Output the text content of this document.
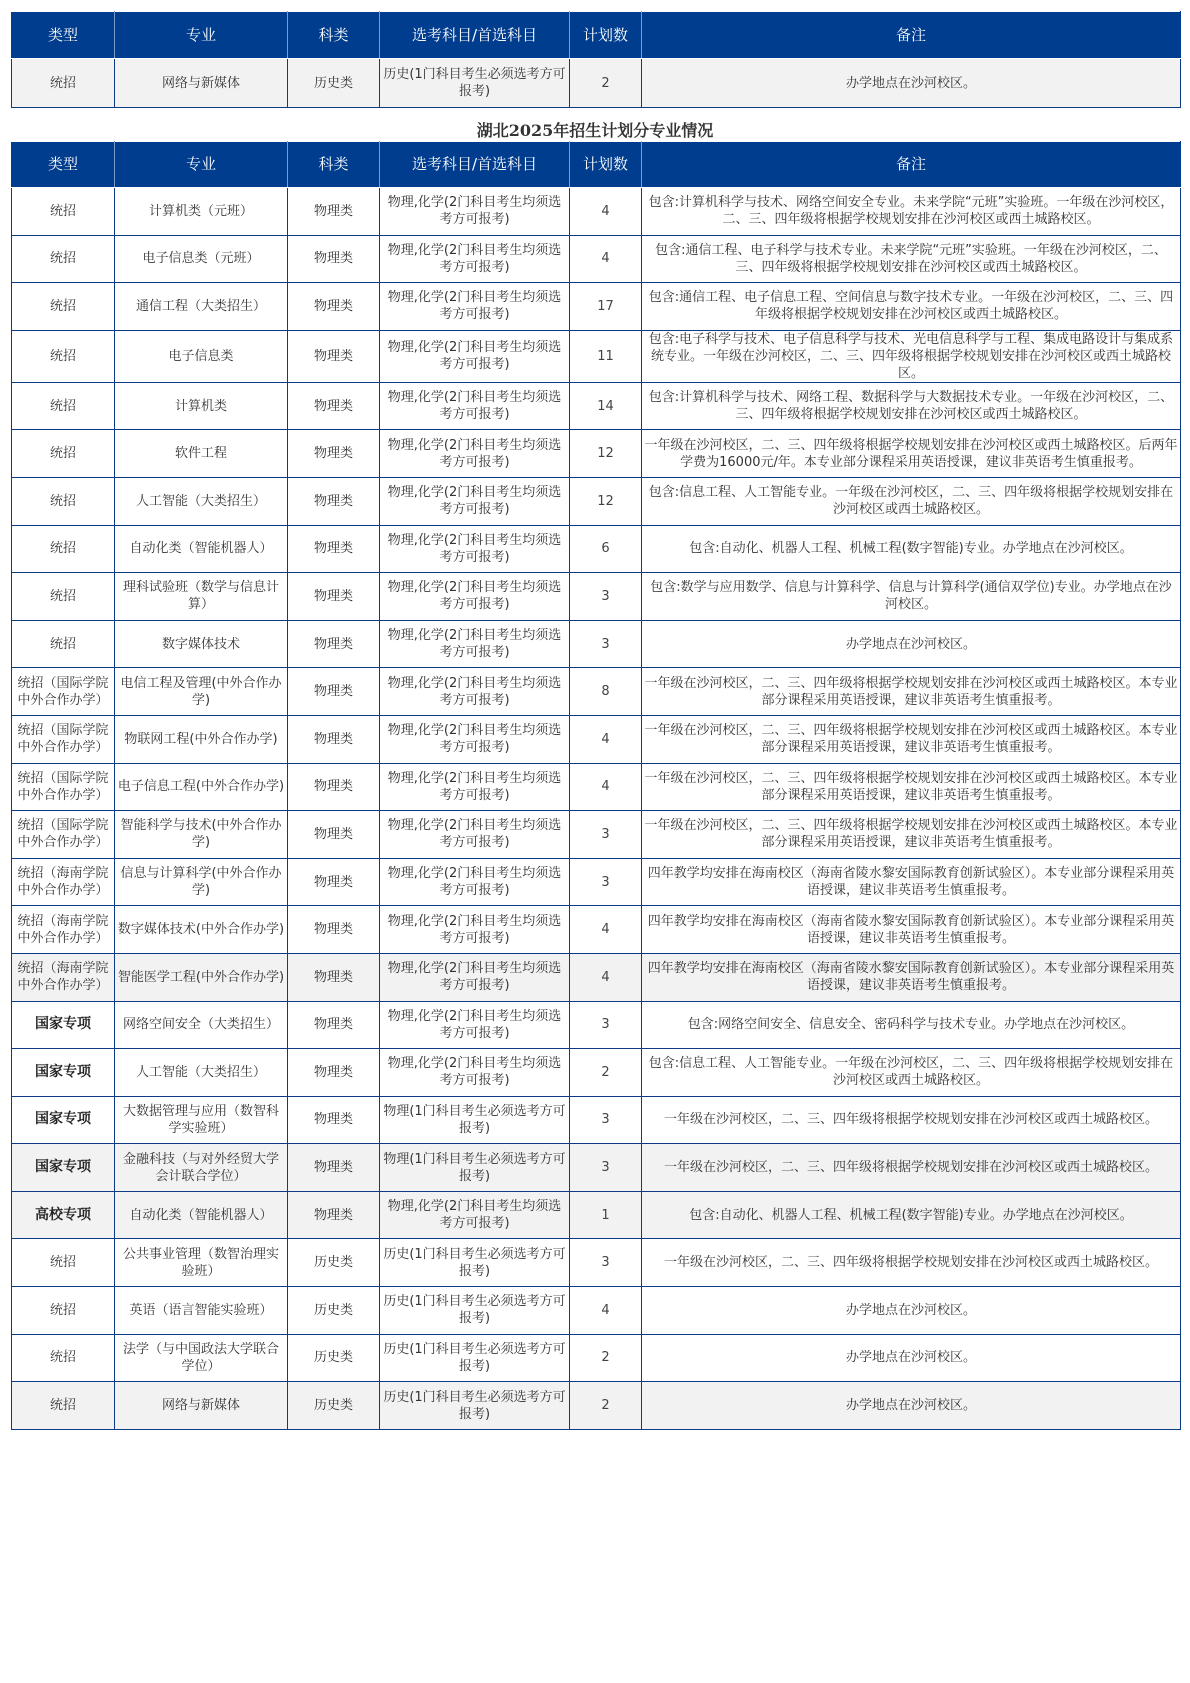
类型	专业	科类	选考科目/首选科目	计划数	备注
统招	网络与新媒体	历史类	历史(1门科目考生必须选考方可报考)	2	办学地点在沙河校区。
湖北2025年招生计划分专业情况
类型	专业	科类	选考科目/首选科目	计划数	备注
统招	计算机类（元班）	物理类	物理,化学(2门科目考生均须选考方可报考)	4	包含:计算机科学与技术、网络空间安全专业。未来学院“元班”实验班。一年级在沙河校区，二、三、四年级将根据学校规划安排在沙河校区或西土城路校区。
统招	电子信息类（元班）	物理类	物理,化学(2门科目考生均须选考方可报考)	4	包含:通信工程、电子科学与技术专业。未来学院“元班”实验班。一年级在沙河校区，二、三、四年级将根据学校规划安排在沙河校区或西土城路校区。
统招	通信工程（大类招生）	物理类	物理,化学(2门科目考生均须选考方可报考)	17	包含:通信工程、电子信息工程、空间信息与数字技术专业。一年级在沙河校区，二、三、四年级将根据学校规划安排在沙河校区或西土城路校区。
统招	电子信息类	物理类	物理,化学(2门科目考生均须选考方可报考)	11	包含:电子科学与技术、电子信息科学与技术、光电信息科学与工程、集成电路设计与集成系统专业。一年级在沙河校区，二、三、四年级将根据学校规划安排在沙河校区或西土城路校区。
统招	计算机类	物理类	物理,化学(2门科目考生均须选考方可报考)	14	包含:计算机科学与技术、网络工程、数据科学与大数据技术专业。一年级在沙河校区，二、三、四年级将根据学校规划安排在沙河校区或西土城路校区。
统招	软件工程	物理类	物理,化学(2门科目考生均须选考方可报考)	12	一年级在沙河校区，二、三、四年级将根据学校规划安排在沙河校区或西土城路校区。后两年学费为16000元/年。本专业部分课程采用英语授课，建议非英语考生慎重报考。
统招	人工智能（大类招生）	物理类	物理,化学(2门科目考生均须选考方可报考)	12	包含:信息工程、人工智能专业。一年级在沙河校区，二、三、四年级将根据学校规划安排在沙河校区或西土城路校区。
统招	自动化类（智能机器人）	物理类	物理,化学(2门科目考生均须选考方可报考)	6	包含:自动化、机器人工程、机械工程(数字智能)专业。办学地点在沙河校区。
统招	理科试验班（数学与信息计算）	物理类	物理,化学(2门科目考生均须选考方可报考)	3	包含:数学与应用数学、信息与计算科学、信息与计算科学(通信双学位)专业。办学地点在沙河校区。
统招	数字媒体技术	物理类	物理,化学(2门科目考生均须选考方可报考)	3	办学地点在沙河校区。
统招（国际学院中外合作办学）	电信工程及管理(中外合作办学)	物理类	物理,化学(2门科目考生均须选考方可报考)	8	一年级在沙河校区，二、三、四年级将根据学校规划安排在沙河校区或西土城路校区。本专业部分课程采用英语授课，建议非英语考生慎重报考。
统招（国际学院中外合作办学）	物联网工程(中外合作办学)	物理类	物理,化学(2门科目考生均须选考方可报考)	4	一年级在沙河校区，二、三、四年级将根据学校规划安排在沙河校区或西土城路校区。本专业部分课程采用英语授课，建议非英语考生慎重报考。
统招（国际学院中外合作办学）	电子信息工程(中外合作办学)	物理类	物理,化学(2门科目考生均须选考方可报考)	4	一年级在沙河校区，二、三、四年级将根据学校规划安排在沙河校区或西土城路校区。本专业部分课程采用英语授课，建议非英语考生慎重报考。
统招（国际学院中外合作办学）	智能科学与技术(中外合作办学)	物理类	物理,化学(2门科目考生均须选考方可报考)	3	一年级在沙河校区，二、三、四年级将根据学校规划安排在沙河校区或西土城路校区。本专业部分课程采用英语授课，建议非英语考生慎重报考。
统招（海南学院中外合作办学）	信息与计算科学(中外合作办学)	物理类	物理,化学(2门科目考生均须选考方可报考)	3	四年教学均安排在海南校区（海南省陵水黎安国际教育创新试验区）。本专业部分课程采用英语授课，建议非英语考生慎重报考。
统招（海南学院中外合作办学）	数字媒体技术(中外合作办学)	物理类	物理,化学(2门科目考生均须选考方可报考)	4	四年教学均安排在海南校区（海南省陵水黎安国际教育创新试验区）。本专业部分课程采用英语授课，建议非英语考生慎重报考。
统招（海南学院中外合作办学）	智能医学工程(中外合作办学)	物理类	物理,化学(2门科目考生均须选考方可报考)	4	四年教学均安排在海南校区（海南省陵水黎安国际教育创新试验区）。本专业部分课程采用英语授课，建议非英语考生慎重报考。
国家专项	网络空间安全（大类招生）	物理类	物理,化学(2门科目考生均须选考方可报考)	3	包含:网络空间安全、信息安全、密码科学与技术专业。办学地点在沙河校区。
国家专项	人工智能（大类招生）	物理类	物理,化学(2门科目考生均须选考方可报考)	2	包含:信息工程、人工智能专业。一年级在沙河校区，二、三、四年级将根据学校规划安排在沙河校区或西土城路校区。
国家专项	大数据管理与应用（数智科学实验班）	物理类	物理(1门科目考生必须选考方可报考)	3	一年级在沙河校区，二、三、四年级将根据学校规划安排在沙河校区或西土城路校区。
国家专项	金融科技（与对外经贸大学会计联合学位）	物理类	物理(1门科目考生必须选考方可报考)	3	一年级在沙河校区，二、三、四年级将根据学校规划安排在沙河校区或西土城路校区。
高校专项	自动化类（智能机器人）	物理类	物理,化学(2门科目考生均须选考方可报考)	1	包含:自动化、机器人工程、机械工程(数字智能)专业。办学地点在沙河校区。
统招	公共事业管理（数智治理实验班）	历史类	历史(1门科目考生必须选考方可报考)	3	一年级在沙河校区，二、三、四年级将根据学校规划安排在沙河校区或西土城路校区。
统招	英语（语言智能实验班）	历史类	历史(1门科目考生必须选考方可报考)	4	办学地点在沙河校区。
统招	法学（与中国政法大学联合学位）	历史类	历史(1门科目考生必须选考方可报考)	2	办学地点在沙河校区。
统招	网络与新媒体	历史类	历史(1门科目考生必须选考方可报考)	2	办学地点在沙河校区。
